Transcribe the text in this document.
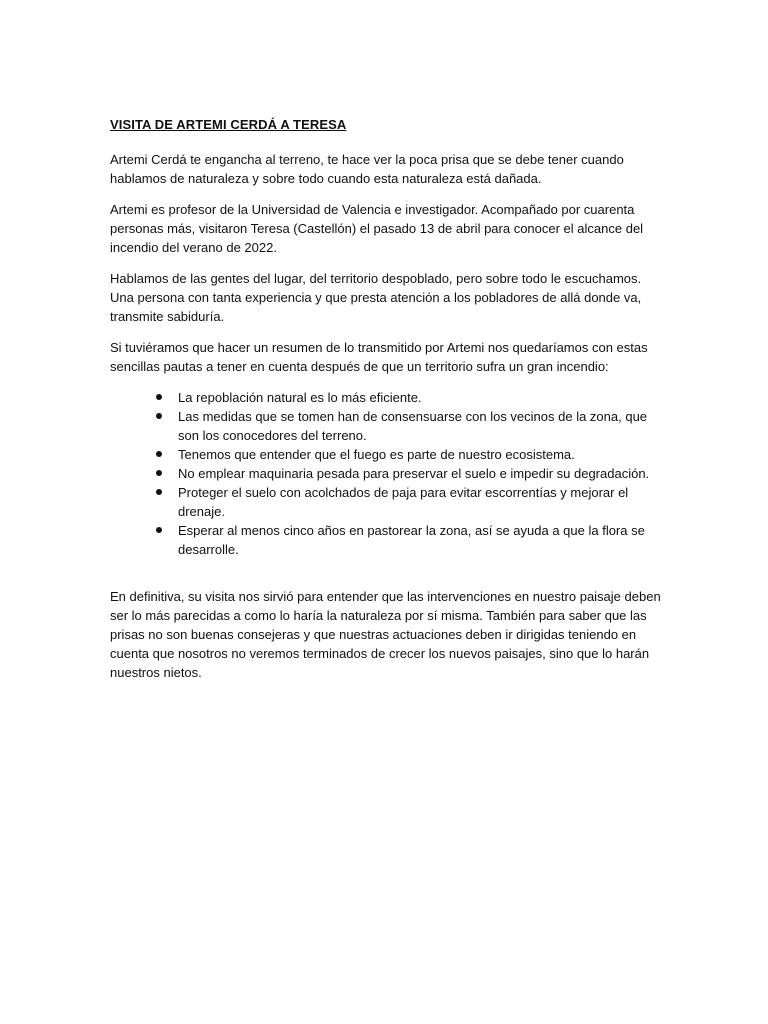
VISITA DE ARTEMI CERDÁ A TERESA

Artemi Cerdá te engancha al terreno, te hace ver la poca prisa que se debe tener cuando hablamos de naturaleza y sobre todo cuando esta naturaleza está dañada.

Artemi es profesor de la Universidad de Valencia e investigador. Acompañado por cuarenta personas más, visitaron Teresa (Castellón) el pasado 13 de abril para conocer el alcance del incendio del verano de 2022.

Hablamos de las gentes del lugar, del territorio despoblado, pero sobre todo le escuchamos. Una persona con tanta experiencia y que presta atención a los pobladores de allá donde va, transmite sabiduría.

Si tuviéramos que hacer un resumen de lo transmitido por Artemi nos quedaríamos con estas sencillas pautas a tener en cuenta después de que un territorio sufra un gran incendio:

La repoblación natural es lo más eficiente.
Las medidas que se tomen han de consensuarse con los vecinos de la zona, que son los conocedores del terreno.
Tenemos que entender que el fuego es parte de nuestro ecosistema.
No emplear maquinaria pesada para preservar el suelo e impedir su degradación.
Proteger el suelo con acolchados de paja para evitar escorrentías y mejorar el drenaje.
Esperar al menos cinco años en pastorear la zona, así se ayuda a que la flora se desarrolle.

En definitiva, su visita nos sirvió para entender que las intervenciones en nuestro paisaje deben ser lo más parecidas a como lo haría la naturaleza por sí misma. También para saber que las prisas no son buenas consejeras y que nuestras actuaciones deben ir dirigidas teniendo en cuenta que nosotros no veremos terminados de crecer los nuevos paisajes, sino que lo harán nuestros nietos.
